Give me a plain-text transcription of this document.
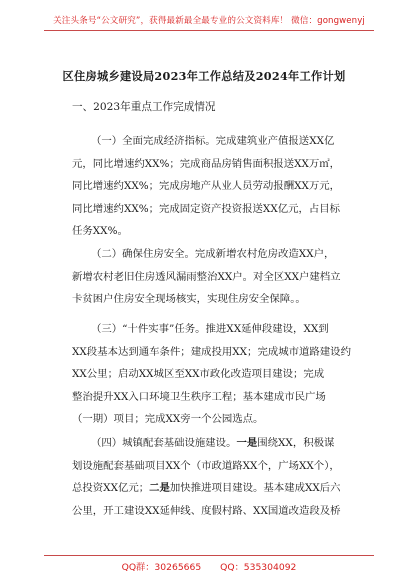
关注头条号“公文研究”，获得最新最全最专业的公文资料库！ 微信：gongwenyj
区住房城乡建设局2023年工作总结及2024年工作计划
一、2023年重点工作完成情况

（一）全面完成经济指标。完成建筑业产值报送XX亿
元，同比增速约XX%；完成商品房销售面积报送XX万㎡，
同比增速约XX%；完成房地产从业人员劳动报酬XX万元，
同比增速约XX%；完成固定资产投资报送XX亿元，占目标
任务XX%。

（二）确保住房安全。完成新增农村危房改造XX户，
新增农村老旧住房透风漏雨整治XX户。对全区XX户建档立
卡贫困户住房安全现场核实，实现住房安全保障。。

（三）“十件实事”任务。推进XX延伸段建设，XX到
XX段基本达到通车条件；建成投用XX；完成城市道路建设约
XX公里；启动XX城区至XX市政化改造项目建设；完成
整治提升XX入口环境卫生秩序工程；基本建成市民广场
（一期）项目；完成XX旁一个公园选点。

（四）城镇配套基础设施建设。一是围绕XX，积极谋
划设施配套基础项目XX个（市政道路XX个，广场XX个），
总投资XX亿元；二是加快推进项目建设。基本建成XX后六
公里，开工建设XX延伸线、度假村路、XX国道改造段及桥

QQ群：30265665 QQ：535304092
